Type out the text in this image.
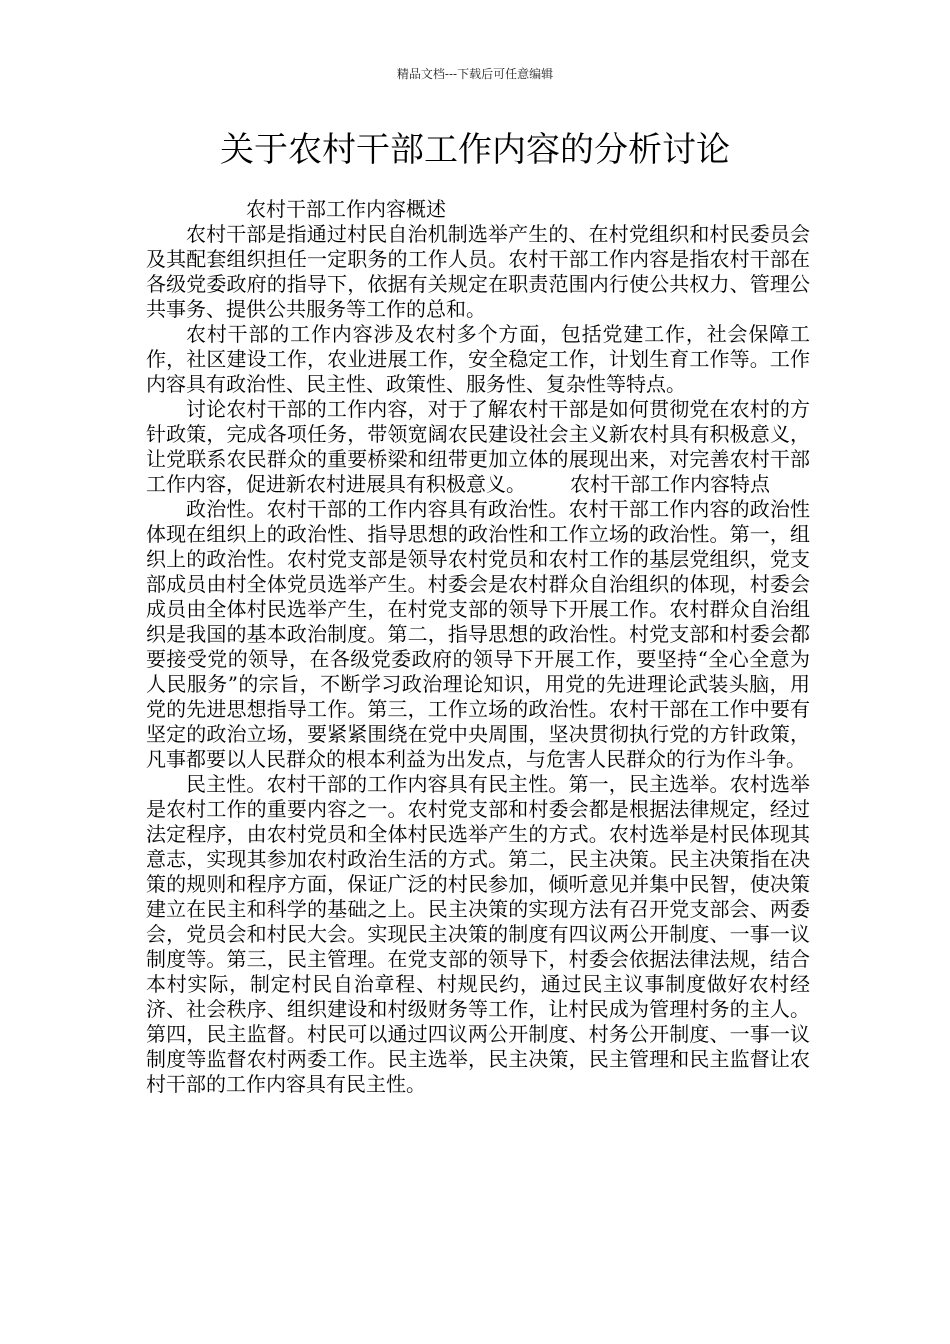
精品文档---下载后可任意编辑
关于农村干部工作内容的分析讨论

农村干部工作内容概述

农村干部是指通过村民自治机制选举产生的、在村党组织和村民委员会及其配套组织担任一定职务的工作人员。农村干部工作内容是指农村干部在各级党委政府的指导下，依据有关规定在职责范围内行使公共权力、管理公共事务、提供公共服务等工作的总和。

农村干部的工作内容涉及农村多个方面，包括党建工作，社会保障工作，社区建设工作，农业进展工作，安全稳定工作，计划生育工作等。工作内容具有政治性、民主性、政策性、服务性、复杂性等特点。

讨论农村干部的工作内容，对于了解农村干部是如何贯彻党在农村的方针政策，完成各项任务，带领宽阔农民建设社会主义新农村具有积极意义，让党联系农民群众的重要桥梁和纽带更加立体的展现出来，对完善农村干部工作内容，促进新农村进展具有积极意义。 农村干部工作内容特点

政治性。农村干部的工作内容具有政治性。农村干部工作内容的政治性体现在组织上的政治性、指导思想的政治性和工作立场的政治性。第一，组织上的政治性。农村党支部是领导农村党员和农村工作的基层党组织，党支部成员由村全体党员选举产生。村委会是农村群众自治组织的体现，村委会成员由全体村民选举产生，在村党支部的领导下开展工作。农村群众自治组织是我国的基本政治制度。第二，指导思想的政治性。村党支部和村委会都要接受党的领导，在各级党委政府的领导下开展工作，要坚持“全心全意为人民服务”的宗旨，不断学习政治理论知识，用党的先进理论武装头脑，用党的先进思想指导工作。第三，工作立场的政治性。农村干部在工作中要有坚定的政治立场，要紧紧围绕在党中央周围，坚决贯彻执行党的方针政策，凡事都要以人民群众的根本利益为出发点，与危害人民群众的行为作斗争。

民主性。农村干部的工作内容具有民主性。第一，民主选举。农村选举是农村工作的重要内容之一。农村党支部和村委会都是根据法律规定，经过法定程序，由农村党员和全体村民选举产生的方式。农村选举是村民体现其意志，实现其参加农村政治生活的方式。第二，民主决策。民主决策指在决策的规则和程序方面，保证广泛的村民参加，倾听意见并集中民智，使决策建立在民主和科学的基础之上。民主决策的实现方法有召开党支部会、两委会，党员会和村民大会。实现民主决策的制度有四议两公开制度、一事一议制度等。第三，民主管理。在党支部的领导下，村委会依据法律法规，结合本村实际，制定村民自治章程、村规民约，通过民主议事制度做好农村经济、社会秩序、组织建设和村级财务等工作，让村民成为管理村务的主人。第四，民主监督。村民可以通过四议两公开制度、村务公开制度、一事一议制度等监督农村两委工作。民主选举，民主决策，民主管理和民主监督让农村干部的工作内容具有民主性。
